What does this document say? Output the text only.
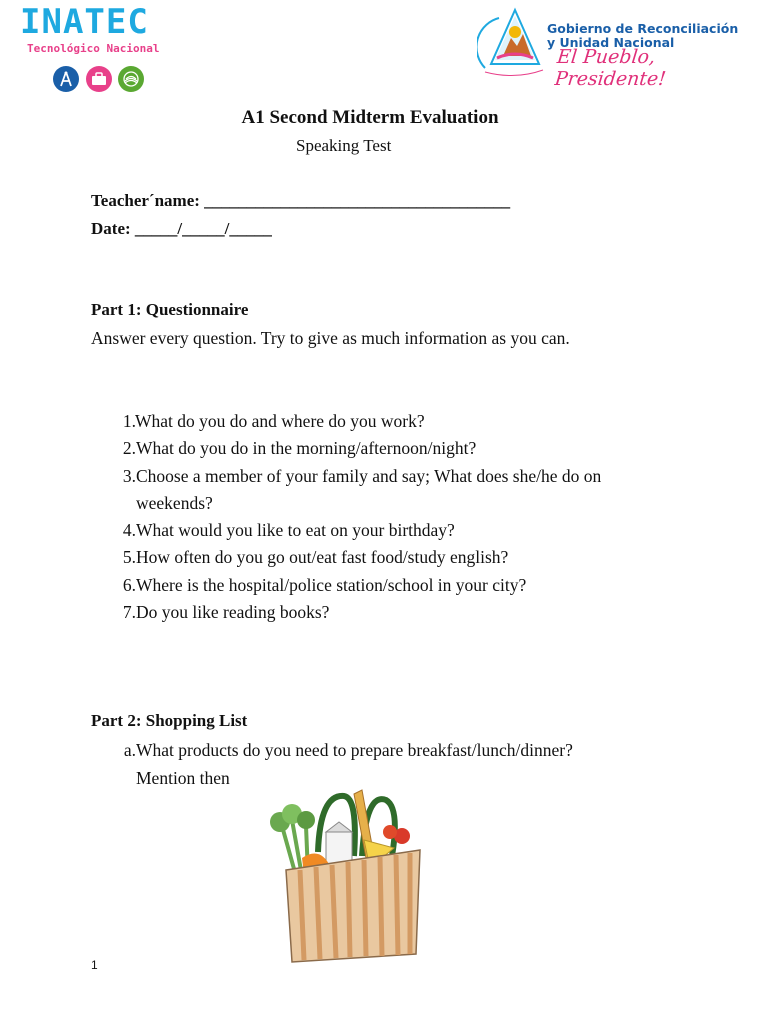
INATEC
Tecnológico Nacional
Gobierno de Reconciliación
y Unidad Nacional
El Pueblo, Presidente!
A1 Second Midterm Evaluation
Speaking Test
Teacher´name: ____________________________________
Date: _____/_____/_____
Part 1: Questionnaire
Answer every question. Try to give as much information as you can.
1. What do you do and where do you work?
2. What do you do in the morning/afternoon/night?
3. Choose a member of your family and say; What does she/he do on
weekends?
4. What would you like to eat on your birthday?
5. How often do you go out/eat fast food/study english?
6. Where is the hospital/police station/school in your city?
7. Do you like reading books?
Part 2: Shopping List
a. What products do you need to prepare breakfast/lunch/dinner?
Mention then
1
